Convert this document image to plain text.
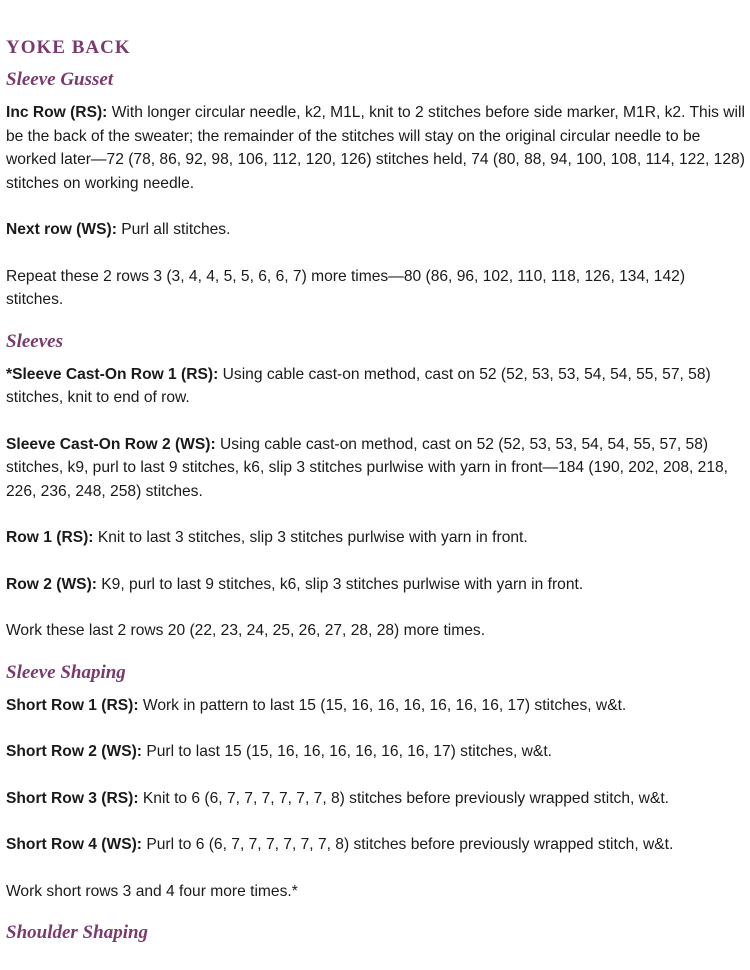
YOKE BACK
Sleeve Gusset

Inc Row (RS): With longer circular needle, k2, M1L, knit to 2 stitches before side marker, M1R, k2. This will be the back of the sweater; the remainder of the stitches will stay on the original circular needle to be worked later—72 (78, 86, 92, 98, 106, 112, 120, 126) stitches held, 74 (80, 88, 94, 100, 108, 114, 122, 128) stitches on working needle.

Next row (WS): Purl all stitches.

Repeat these 2 rows 3 (3, 4, 4, 5, 5, 6, 6, 7) more times—80 (86, 96, 102, 110, 118, 126, 134, 142) stitches.

Sleeves

*Sleeve Cast-On Row 1 (RS): Using cable cast-on method, cast on 52 (52, 53, 53, 54, 54, 55, 57, 58) stitches, knit to end of row.

Sleeve Cast-On Row 2 (WS): Using cable cast-on method, cast on 52 (52, 53, 53, 54, 54, 55, 57, 58) stitches, k9, purl to last 9 stitches, k6, slip 3 stitches purlwise with yarn in front—184 (190, 202, 208, 218, 226, 236, 248, 258) stitches.

Row 1 (RS): Knit to last 3 stitches, slip 3 stitches purlwise with yarn in front.

Row 2 (WS): K9, purl to last 9 stitches, k6, slip 3 stitches purlwise with yarn in front.

Work these last 2 rows 20 (22, 23, 24, 25, 26, 27, 28, 28) more times.

Sleeve Shaping

Short Row 1 (RS): Work in pattern to last 15 (15, 16, 16, 16, 16, 16, 16, 17) stitches, w&t.

Short Row 2 (WS): Purl to last 15 (15, 16, 16, 16, 16, 16, 16, 17) stitches, w&t.

Short Row 3 (RS): Knit to 6 (6, 7, 7, 7, 7, 7, 7, 8) stitches before previously wrapped stitch, w&t.

Short Row 4 (WS): Purl to 6 (6, 7, 7, 7, 7, 7, 7, 8) stitches before previously wrapped stitch, w&t.

Work short rows 3 and 4 four more times.*

Shoulder Shaping
